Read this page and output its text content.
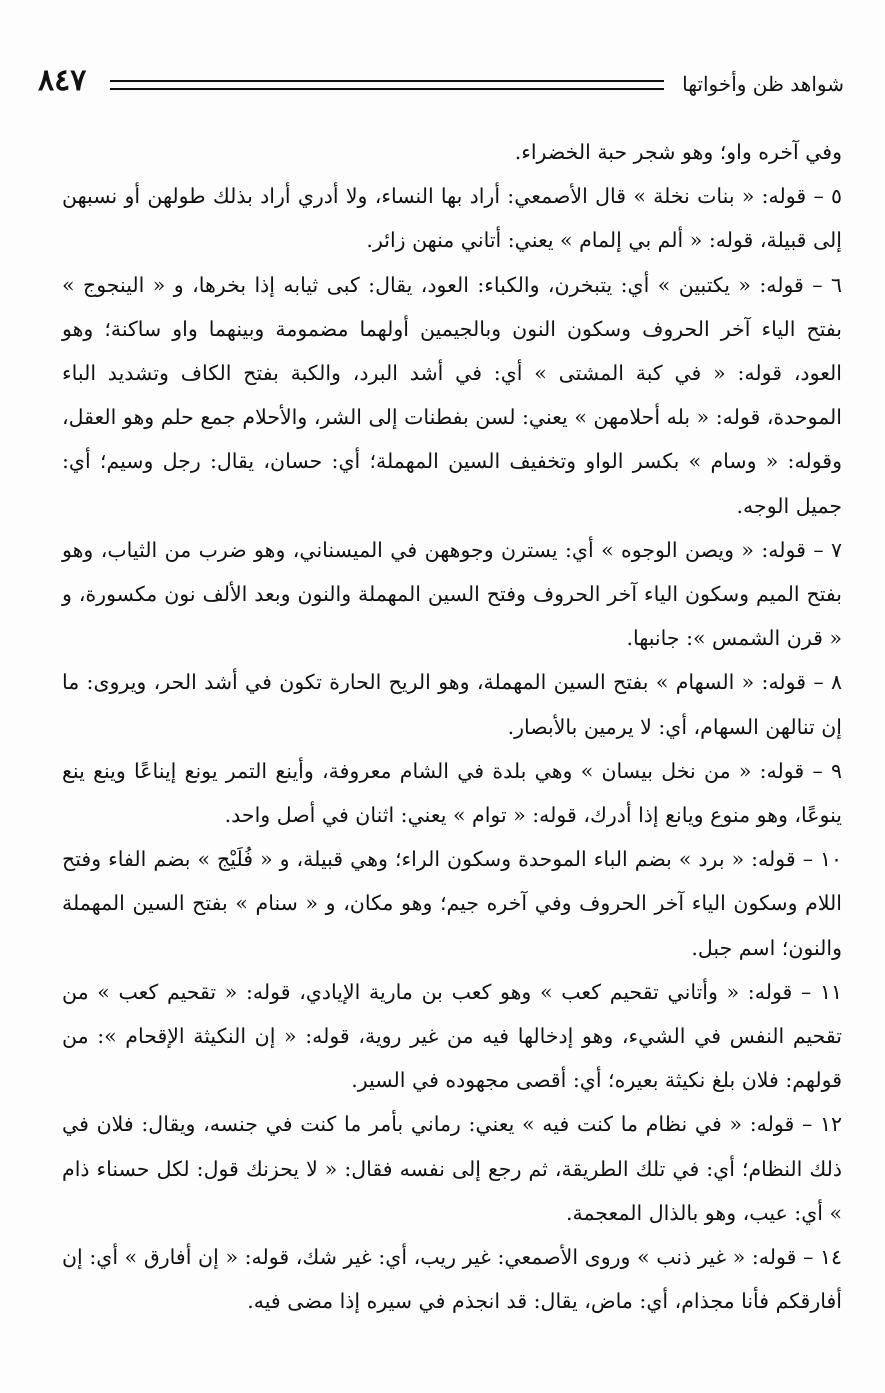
شواهد ظن وأخواتها
٨٤٧

وفي آخره واو؛ وهو شجر حبة الخضراء.

٥ – قوله: « بنات نخلة » قال الأصمعي: أراد بها النساء، ولا أدري أراد بذلك طولهن أو نسبهن إلى قبيلة، قوله: « ألم بي إلمام » يعني: أتاني منهن زائر.

٦ – قوله: « يكتبين » أي: يتبخرن، والكباء: العود، يقال: كبى ثيابه إذا بخرها، و « الينجوج » بفتح الياء آخر الحروف وسكون النون وبالجيمين أولهما مضمومة وبينهما واو ساكنة؛ وهو العود، قوله: « في كبة المشتى » أي: في أشد البرد، والكبة بفتح الكاف وتشديد الباء الموحدة، قوله: « بله أحلامهن » يعني: لسن بفطنات إلى الشر، والأحلام جمع حلم وهو العقل، وقوله: « وسام » بكسر الواو وتخفيف السين المهملة؛ أي: حسان، يقال: رجل وسيم؛ أي: جميل الوجه.

٧ – قوله: « ويصن الوجوه » أي: يسترن وجوههن في الميسناني، وهو ضرب من الثياب، وهو بفتح الميم وسكون الياء آخر الحروف وفتح السين المهملة والنون وبعد الألف نون مكسورة، و « قرن الشمس »: جانبها.

٨ – قوله: « السهام » بفتح السين المهملة، وهو الريح الحارة تكون في أشد الحر، ويروى: ما إن تنالهن السهام، أي: لا يرمين بالأبصار.

٩ – قوله: « من نخل بيسان » وهي بلدة في الشام معروفة، وأينع التمر يونع إيناعًا وينع ينع ينوعًا، وهو منوع ويانع إذا أدرك، قوله: « توام » يعني: اثنان في أصل واحد.

١٠ – قوله: « برد » بضم الباء الموحدة وسكون الراء؛ وهي قبيلة، و « فُلَيْج » بضم الفاء وفتح اللام وسكون الياء آخر الحروف وفي آخره جيم؛ وهو مكان، و « سنام » بفتح السين المهملة والنون؛ اسم جبل.

١١ – قوله: « وأتاني تقحيم كعب » وهو كعب بن مارية الإيادي، قوله: « تقحيم كعب » من تقحيم النفس في الشيء، وهو إدخالها فيه من غير روية، قوله: « إن النكيثة الإقحام »: من قولهم: فلان بلغ نكيثة بعيره؛ أي: أقصى مجهوده في السير.

١٢ – قوله: « في نظام ما كنت فيه » يعني: رماني بأمر ما كنت في جنسه، ويقال: فلان في ذلك النظام؛ أي: في تلك الطريقة، ثم رجع إلى نفسه فقال: « لا يحزنك قول: لكل حسناء ذام » أي: عيب، وهو بالذال المعجمة.

١٤ – قوله: « غير ذنب » وروى الأصمعي: غير ريب، أي: غير شك، قوله: « إن أفارق » أي: إن أفارقكم فأنا مجذام، أي: ماض، يقال: قد انجذم في سيره إذا مضى فيه.
